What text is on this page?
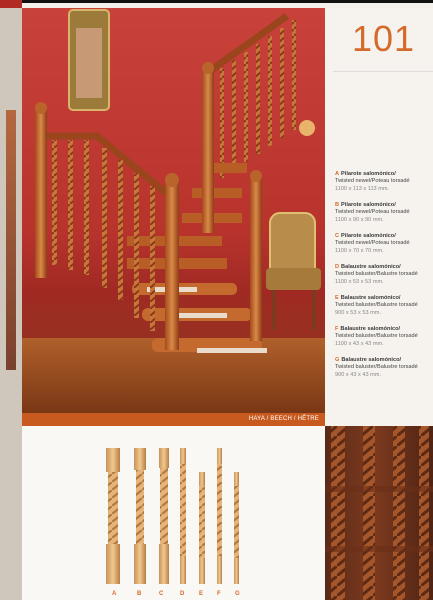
HAYA / BEECH / HÊTRE
101
A Pilarote salomónico/
Twisted newel/Poteau torsadé
1100 x 113 x 113 mm.
B Pilarote salomónico/
Twisted newel/Poteau torsadé
1100 x 90 x 90 mm.
C Pilarote salomónico/
Twisted newel/Poteau torsadé
1100 x 70 x 70 mm.
D Balaustre salomónico/
Twisted baluster/Balustre torsadé
1100 x 53 x 53 mm.
E Balaustre salomónico/
Twisted baluster/Balustre torsadé
900 x 53 x 53 mm.
F Balaustre salomónico/
Twisted baluster/Balustre torsadé
1100 x 43 x 43 mm.
G Balaustre salomónico/
Twisted baluster/Balustre torsadé
900 x 43 x 43 mm.
A	B	C	D E F G
